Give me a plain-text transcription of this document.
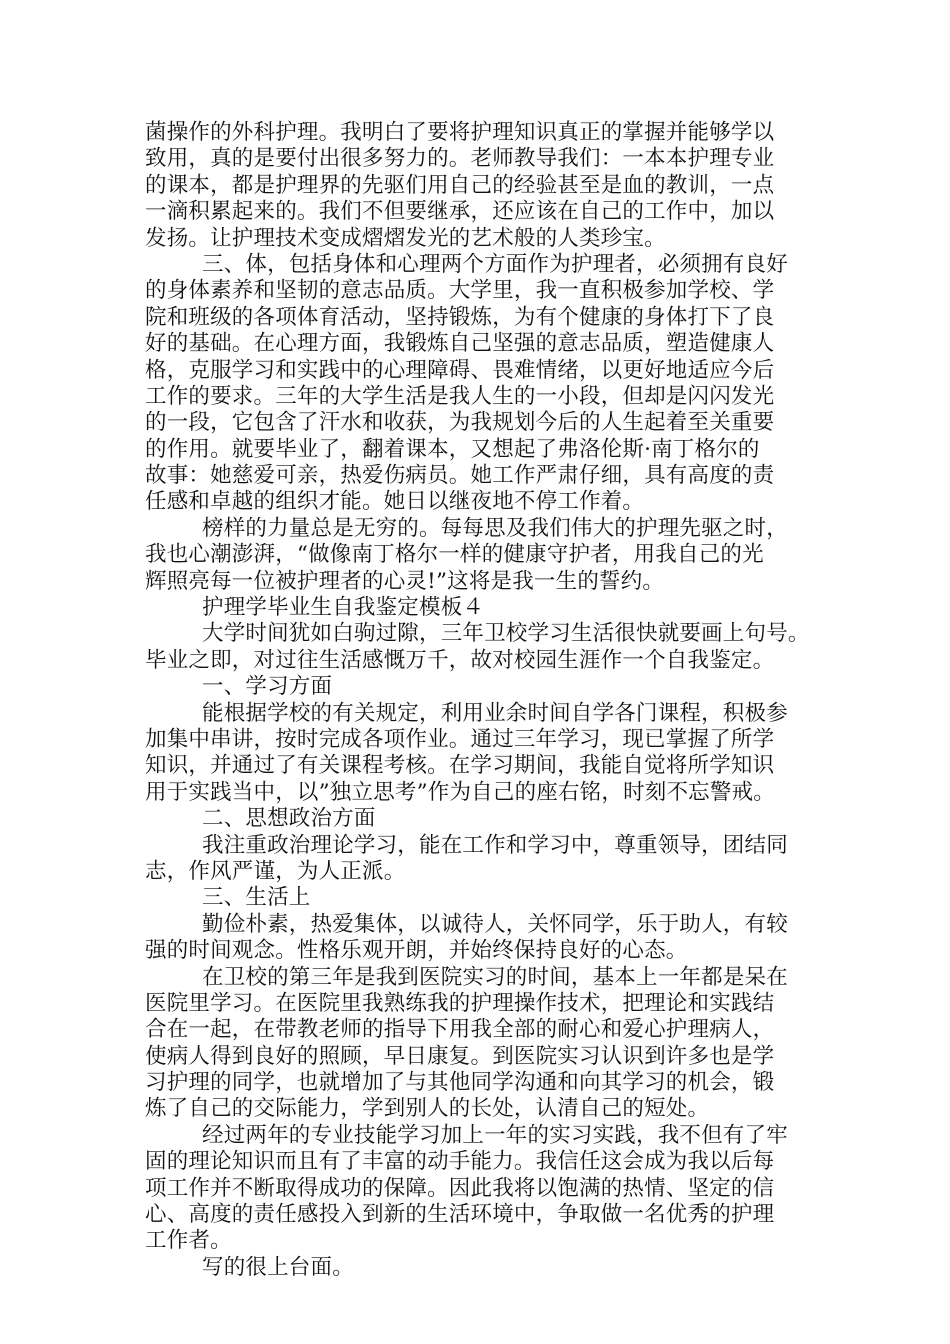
菌操作的外科护理。我明白了要将护理知识真正的掌握并能够学以
致用，真的是要付出很多努力的。老师教导我们：一本本护理专业
的课本，都是护理界的先驱们用自己的经验甚至是血的教训，一点
一滴积累起来的。我们不但要继承，还应该在自己的工作中，加以
发扬。让护理技术变成熠熠发光的艺术般的人类珍宝。
三、体，包括身体和心理两个方面作为护理者，必须拥有良好
的身体素养和坚韧的意志品质。大学里，我一直积极参加学校、学
院和班级的各项体育活动，坚持锻炼，为有个健康的身体打下了良
好的基础。在心理方面，我锻炼自己坚强的意志品质，塑造健康人
格，克服学习和实践中的心理障碍、畏难情绪，以更好地适应今后
工作的要求。三年的大学生活是我人生的一小段，但却是闪闪发光
的一段，它包含了汗水和收获，为我规划今后的人生起着至关重要
的作用。就要毕业了，翻着课本，又想起了弗洛伦斯·南丁格尔的
故事：她慈爱可亲，热爱伤病员。她工作严肃仔细，具有高度的责
任感和卓越的组织才能。她日以继夜地不停工作着。
榜样的力量总是无穷的。每每思及我们伟大的护理先驱之时，
我也心潮澎湃，“做像南丁格尔一样的健康守护者，用我自己的光
辉照亮每一位被护理者的心灵!”这将是我一生的誓约。
护理学毕业生自我鉴定模板４
大学时间犹如白驹过隙，三年卫校学习生活很快就要画上句号。
毕业之即，对过往生活感慨万千，故对校园生涯作一个自我鉴定。
一、学习方面
能根据学校的有关规定，利用业余时间自学各门课程，积极参
加集中串讲，按时完成各项作业。通过三年学习，现已掌握了所学
知识，并通过了有关课程考核。在学习期间，我能自觉将所学知识
用于实践当中，以”独立思考”作为自己的座右铭，时刻不忘警戒。
二、思想政治方面
我注重政治理论学习，能在工作和学习中，尊重领导，团结同
志，作风严谨，为人正派。
三、生活上
勤俭朴素，热爱集体，以诚待人，关怀同学，乐于助人，有较
强的时间观念。性格乐观开朗，并始终保持良好的心态。
在卫校的第三年是我到医院实习的时间，基本上一年都是呆在
医院里学习。在医院里我熟练我的护理操作技术，把理论和实践结
合在一起，在带教老师的指导下用我全部的耐心和爱心护理病人，
使病人得到良好的照顾，早日康复。到医院实习认识到许多也是学
习护理的同学，也就增加了与其他同学沟通和向其学习的机会，锻
炼了自己的交际能力，学到别人的长处，认清自己的短处。
经过两年的专业技能学习加上一年的实习实践，我不但有了牢
固的理论知识而且有了丰富的动手能力。我信任这会成为我以后每
项工作并不断取得成功的保障。因此我将以饱满的热情、坚定的信
心、高度的责任感投入到新的生活环境中，争取做一名优秀的护理
工作者。
写的很上台面。
